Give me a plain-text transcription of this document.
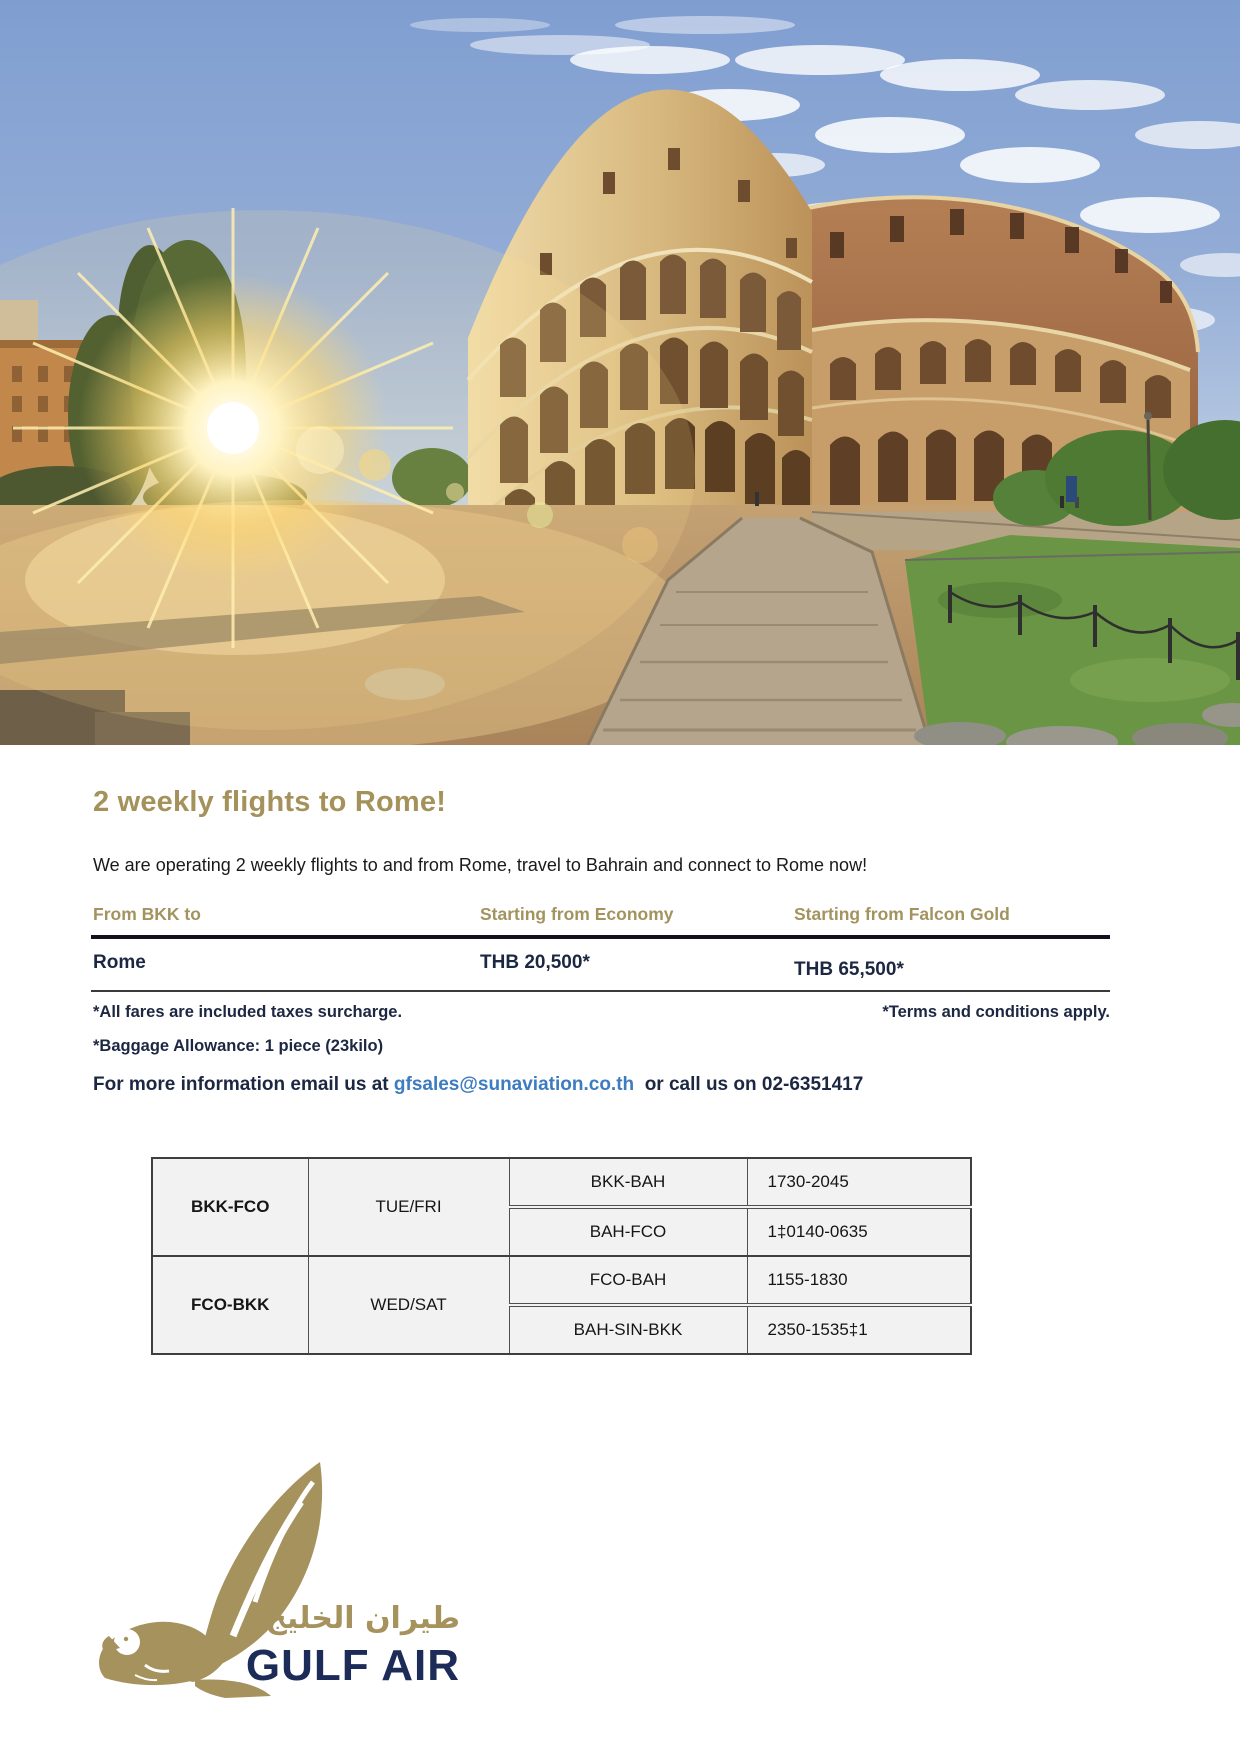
2 weekly flights to Rome!
We are operating 2 weekly flights to and from Rome, travel to Bahrain and connect to Rome now!
From BKK to	Starting from Economy	Starting from Falcon Gold
Rome	THB 20,500*	THB 65,500*
*All fares are included taxes surcharge.	*Terms and conditions apply.
*Baggage Allowance: 1 piece (23kilo)
For more information email us at gfsales@sunaviation.co.th  or call us on 02-6351417
BKK-FCO	TUE/FRI	BKK-BAH	1730-2045
		BAH-FCO	1‡0140-0635
FCO-BKK	WED/SAT	FCO-BAH	1155-1830
		BAH-SIN-BKK	2350-1535‡1
طيران الخليج
GULF AIR
